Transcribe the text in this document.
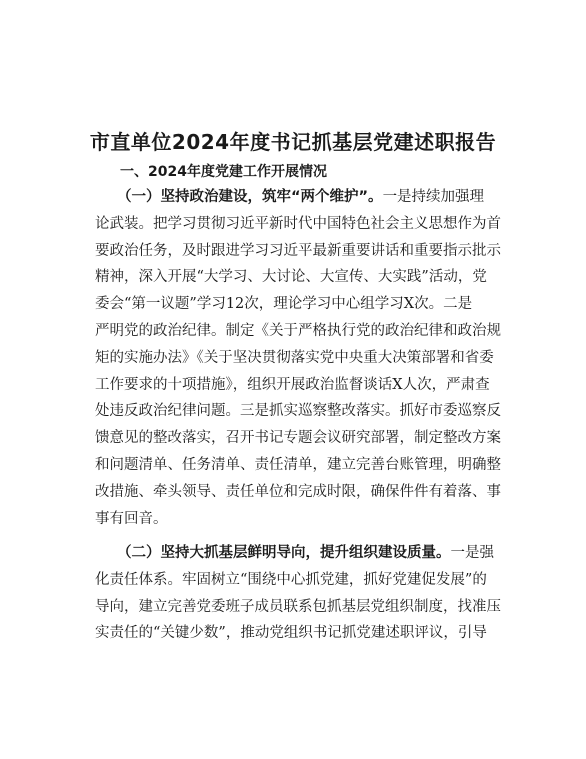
市直单位2024年度书记抓基层党建述职报告
一、2024年度党建工作开展情况
（一）坚持政治建设，筑牢“两个维护”。一是持续加强理
论武装。把学习贯彻习近平新时代中国特色社会主义思想作为首
要政治任务，及时跟进学习习近平最新重要讲话和重要指示批示
精神，深入开展“大学习、大讨论、大宣传、大实践”活动，党
委会“第一议题”学习12次，理论学习中心组学习X次。二是
严明党的政治纪律。制定《关于严格执行党的政治纪律和政治规
矩的实施办法》《关于坚决贯彻落实党中央重大决策部署和省委
工作要求的十项措施》，组织开展政治监督谈话X人次，严肃查
处违反政治纪律问题。三是抓实巡察整改落实。抓好市委巡察反
馈意见的整改落实，召开书记专题会议研究部署，制定整改方案
和问题清单、任务清单、责任清单，建立完善台账管理，明确整
改措施、牵头领导、责任单位和完成时限，确保件件有着落、事
事有回音。
（二）坚持大抓基层鲜明导向，提升组织建设质量。一是强
化责任体系。牢固树立“围绕中心抓党建，抓好党建促发展”的
导向，建立完善党委班子成员联系包抓基层党组织制度，找准压
实责任的“关键少数”，推动党组织书记抓党建述职评议，引导
